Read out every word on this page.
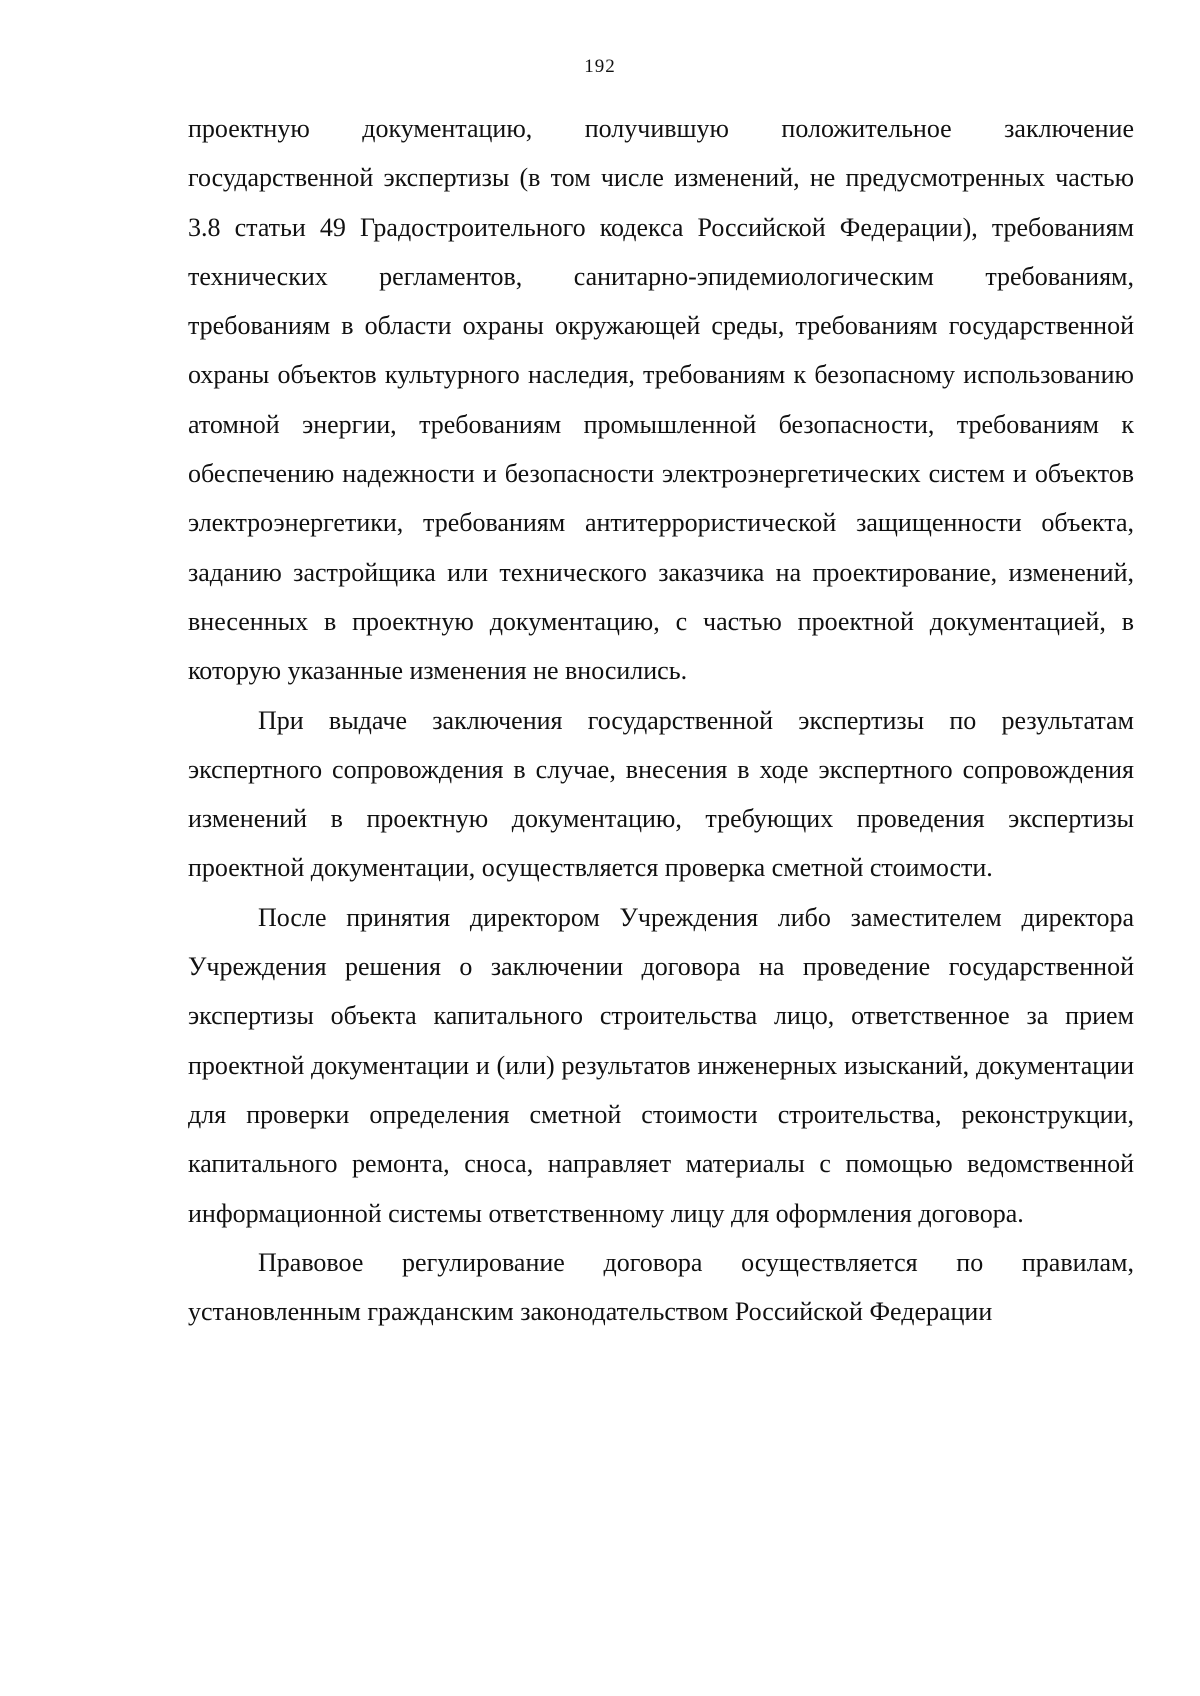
192

проектную документацию, получившую положительное заключение государственной экспертизы (в том числе изменений, не предусмотренных частью 3.8 статьи 49 Градостроительного кодекса Российской Федерации), требованиям технических регламентов, санитарно-эпидемиологическим требованиям, требованиям в области охраны окружающей среды, требованиям государственной охраны объектов культурного наследия, требованиям к безопасному использованию атомной энергии, требованиям промышленной безопасности, требованиям к обеспечению надежности и безопасности электроэнергетических систем и объектов электроэнергетики, требованиям антитеррористической защищенности объекта, заданию застройщика или технического заказчика на проектирование, изменений, внесенных в проектную документацию, с частью проектной документацией, в которую указанные изменения не вносились.

При выдаче заключения государственной экспертизы по результатам экспертного сопровождения в случае, внесения в ходе экспертного сопровождения изменений в проектную документацию, требующих проведения экспертизы проектной документации, осуществляется проверка сметной стоимости.

После принятия директором Учреждения либо заместителем директора Учреждения решения о заключении договора на проведение государственной экспертизы объекта капитального строительства лицо, ответственное за прием проектной документации и (или) результатов инженерных изысканий, документации для проверки определения сметной стоимости строительства, реконструкции, капитального ремонта, сноса, направляет материалы с помощью ведомственной информационной системы ответственному лицу для оформления договора.

Правовое регулирование договора осуществляется по правилам, установленным гражданским законодательством Российской Федерации
